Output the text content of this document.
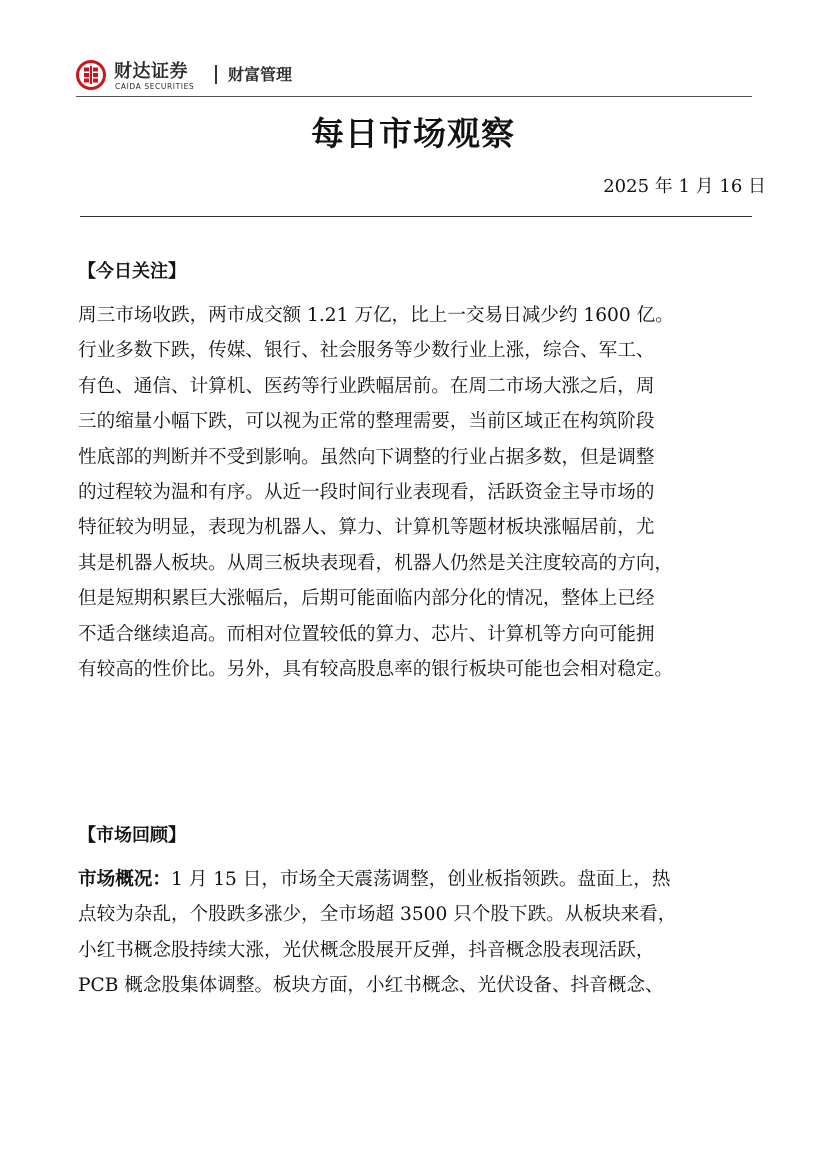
财达证券
CAIDA SECURITIES
财富管理
每日市场观察
2025 年 1 月 16 日
【今日关注】
周三市场收跌，两市成交额 1.21 万亿，比上一交易日减少约 1600 亿。
行业多数下跌，传媒、银行、社会服务等少数行业上涨，综合、军工、
有色、通信、计算机、医药等行业跌幅居前。在周二市场大涨之后，周
三的缩量小幅下跌，可以视为正常的整理需要，当前区域正在构筑阶段
性底部的判断并不受到影响。虽然向下调整的行业占据多数，但是调整
的过程较为温和有序。从近一段时间行业表现看，活跃资金主导市场的
特征较为明显，表现为机器人、算力、计算机等题材板块涨幅居前，尤
其是机器人板块。从周三板块表现看，机器人仍然是关注度较高的方向，
但是短期积累巨大涨幅后，后期可能面临内部分化的情况，整体上已经
不适合继续追高。而相对位置较低的算力、芯片、计算机等方向可能拥
有较高的性价比。另外，具有较高股息率的银行板块可能也会相对稳定。
【市场回顾】
市场概况：1 月 15 日，市场全天震荡调整，创业板指领跌。盘面上，热
点较为杂乱，个股跌多涨少，全市场超 3500 只个股下跌。从板块来看，
小红书概念股持续大涨，光伏概念股展开反弹，抖音概念股表现活跃，
PCB 概念股集体调整。板块方面，小红书概念、光伏设备、抖音概念、
